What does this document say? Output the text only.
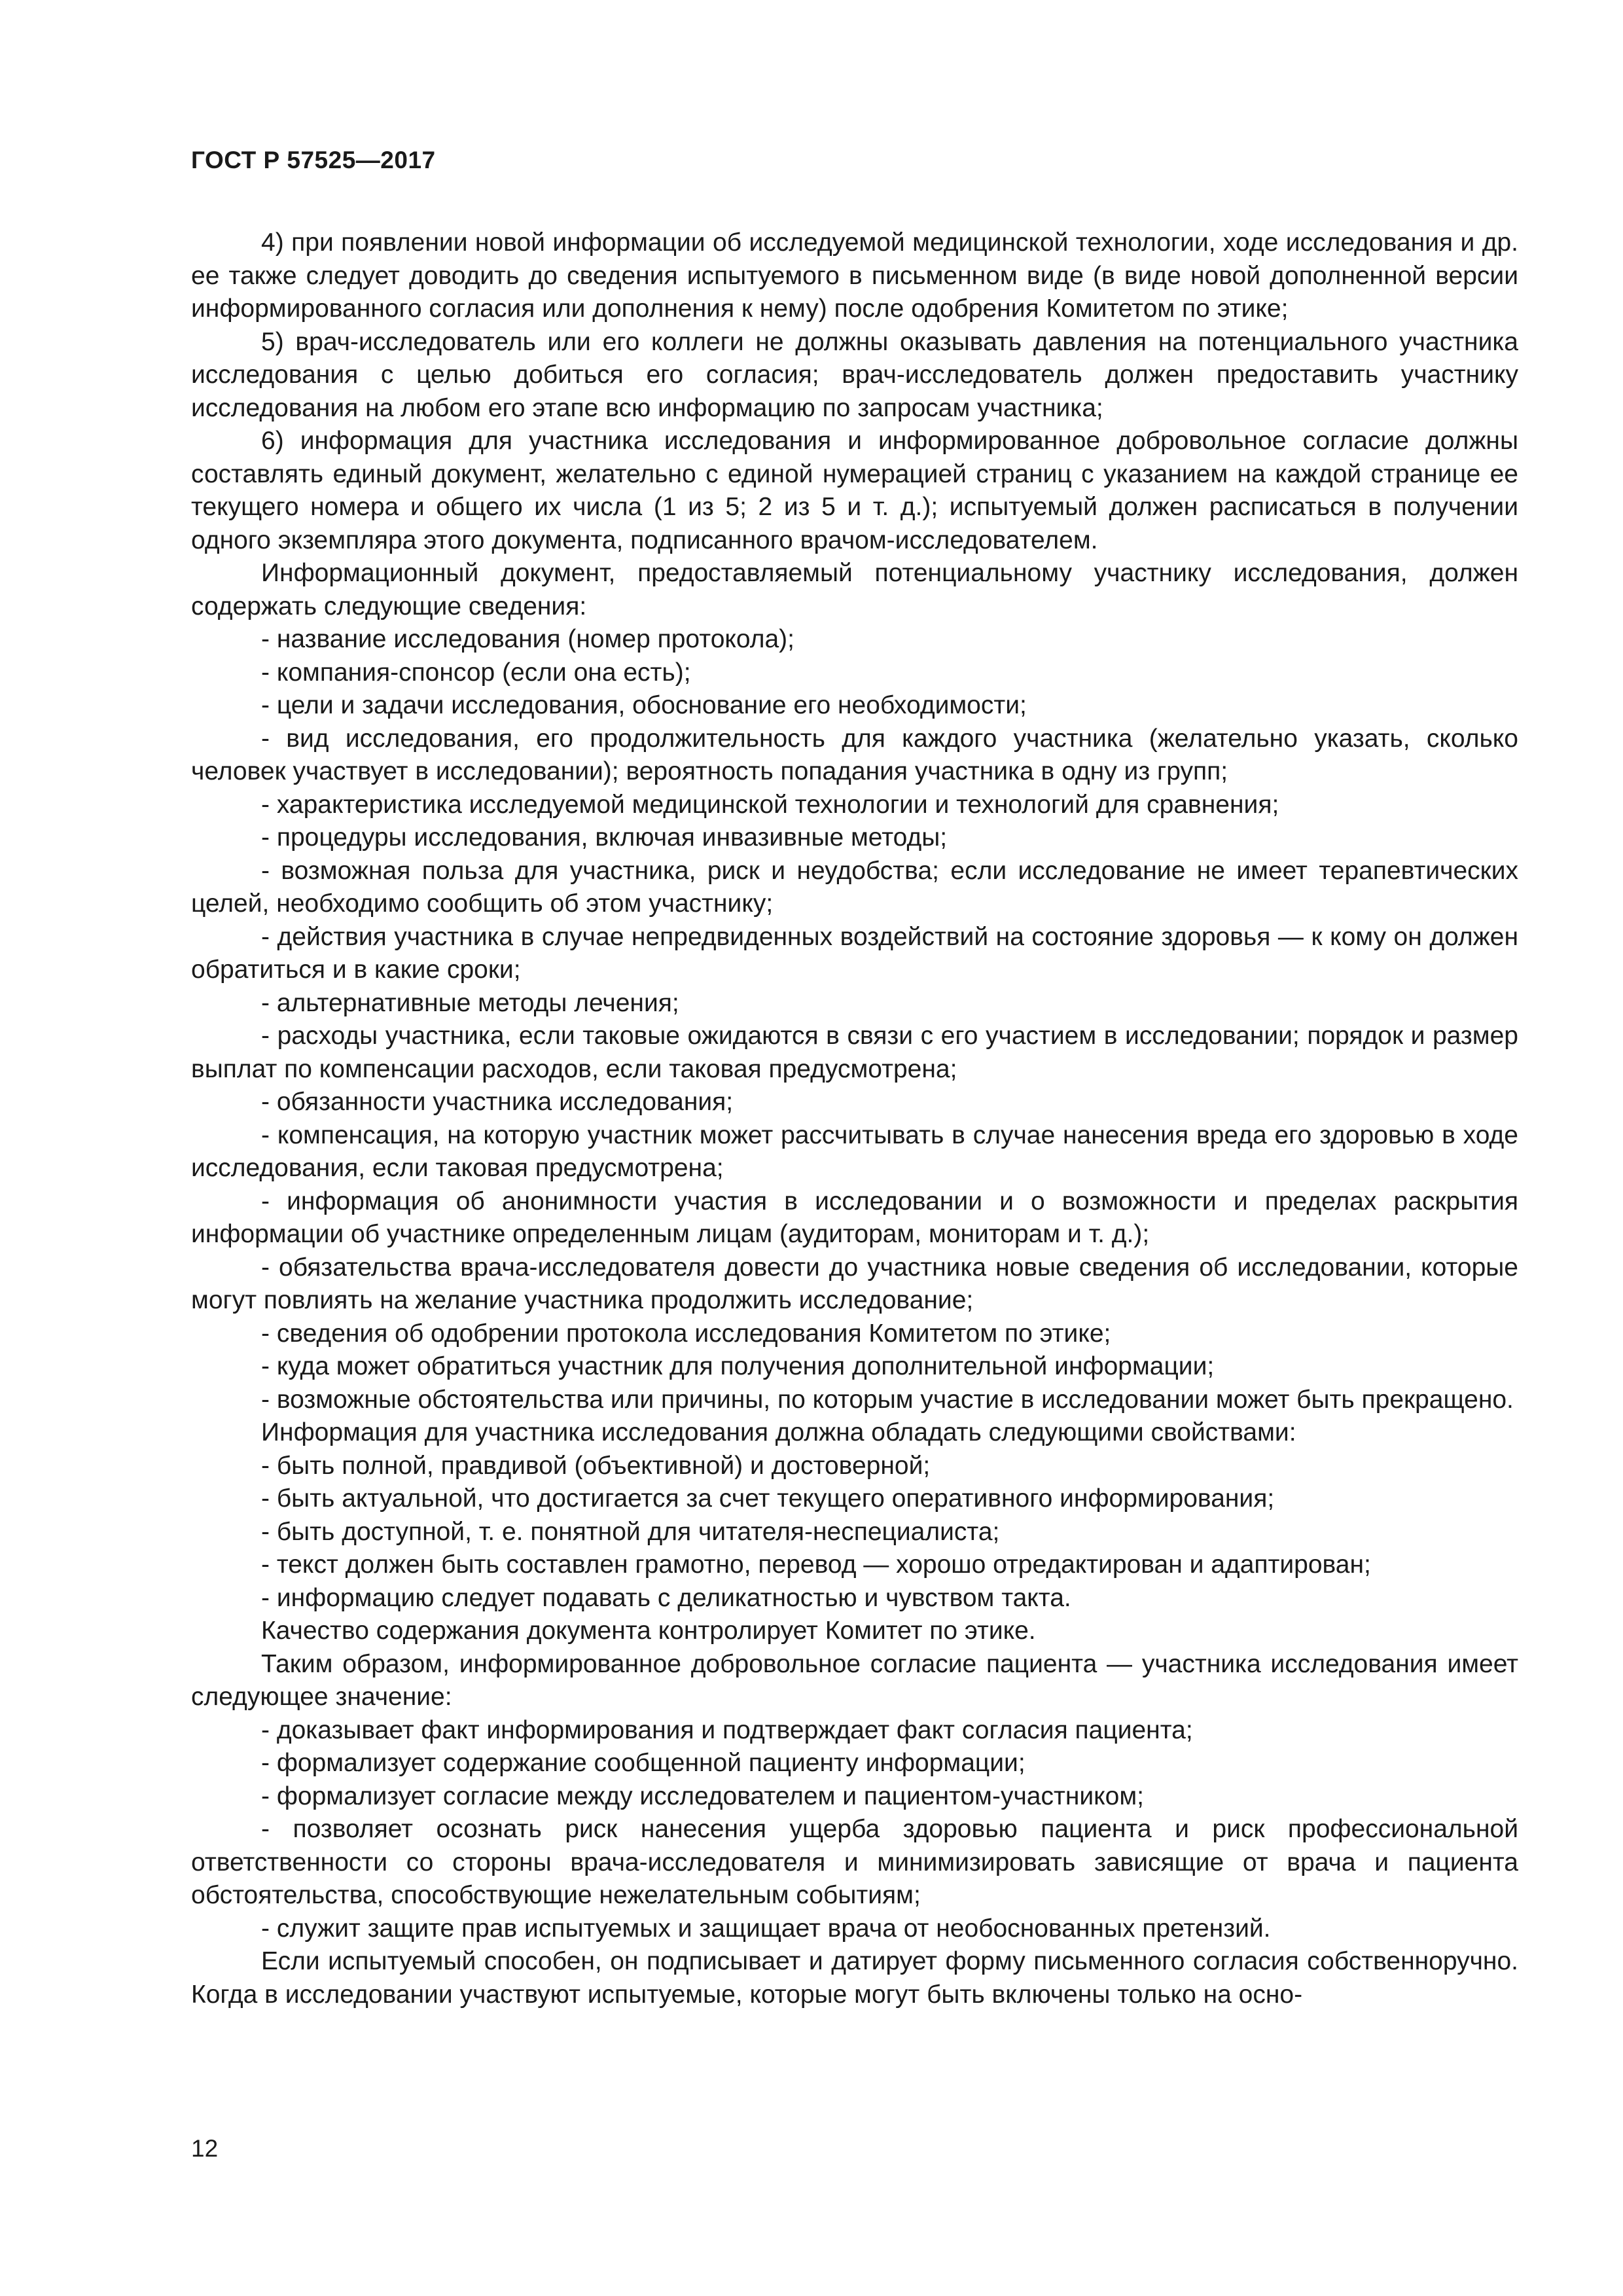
ГОСТ Р 57525—2017

4) при появлении новой информации об исследуемой медицинской технологии, ходе исследования и др. ее также следует доводить до сведения испытуемого в письменном виде (в виде новой дополненной версии информированного согласия или дополнения к нему) после одобрения Комитетом по этике;

5) врач-исследователь или его коллеги не должны оказывать давления на потенциального участника исследования с целью добиться его согласия; врач-исследователь должен предоставить участнику исследования на любом его этапе всю информацию по запросам участника;

6) информация для участника исследования и информированное добровольное согласие должны составлять единый документ, желательно с единой нумерацией страниц с указанием на каждой странице ее текущего номера и общего их числа (1 из 5; 2 из 5 и т. д.); испытуемый должен расписаться в получении одного экземпляра этого документа, подписанного врачом-исследователем.

Информационный документ, предоставляемый потенциальному участнику исследования, должен содержать следующие сведения:

- название исследования (номер протокола);

- компания-спонсор (если она есть);

- цели и задачи исследования, обоснование его необходимости;

- вид исследования, его продолжительность для каждого участника (желательно указать, сколько человек участвует в исследовании); вероятность попадания участника в одну из групп;

- характеристика исследуемой медицинской технологии и технологий для сравнения;

- процедуры исследования, включая инвазивные методы;

- возможная польза для участника, риск и неудобства; если исследование не имеет терапевтических целей, необходимо сообщить об этом участнику;

- действия участника в случае непредвиденных воздействий на состояние здоровья — к кому он должен обратиться и в какие сроки;

- альтернативные методы лечения;

- расходы участника, если таковые ожидаются в связи с его участием в исследовании; порядок и размер выплат по компенсации расходов, если таковая предусмотрена;

- обязанности участника исследования;

- компенсация, на которую участник может рассчитывать в случае нанесения вреда его здоровью в ходе исследования, если таковая предусмотрена;

- информация об анонимности участия в исследовании и о возможности и пределах раскрытия информации об участнике определенным лицам (аудиторам, мониторам и т. д.);

- обязательства врача-исследователя довести до участника новые сведения об исследовании, которые могут повлиять на желание участника продолжить исследование;

- сведения об одобрении протокола исследования Комитетом по этике;

- куда может обратиться участник для получения дополнительной информации;

- возможные обстоятельства или причины, по которым участие в исследовании может быть прекращено.

Информация для участника исследования должна обладать следующими свойствами:

- быть полной, правдивой (объективной) и достоверной;

- быть актуальной, что достигается за счет текущего оперативного информирования;

- быть доступной, т. е. понятной для читателя-неспециалиста;

- текст должен быть составлен грамотно, перевод — хорошо отредактирован и адаптирован;

- информацию следует подавать с деликатностью и чувством такта.

Качество содержания документа контролирует Комитет по этике.

Таким образом, информированное добровольное согласие пациента — участника исследования имеет следующее значение:

- доказывает факт информирования и подтверждает факт согласия пациента;

- формализует содержание сообщенной пациенту информации;

- формализует согласие между исследователем и пациентом-участником;

- позволяет осознать риск нанесения ущерба здоровью пациента и риск профессиональной ответственности со стороны врача-исследователя и минимизировать зависящие от врача и пациента обстоятельства, способствующие нежелательным событиям;

- служит защите прав испытуемых и защищает врача от необоснованных претензий.

Если испытуемый способен, он подписывает и датирует форму письменного согласия собственноручно. Когда в исследовании участвуют испытуемые, которые могут быть включены только на осно-

12
